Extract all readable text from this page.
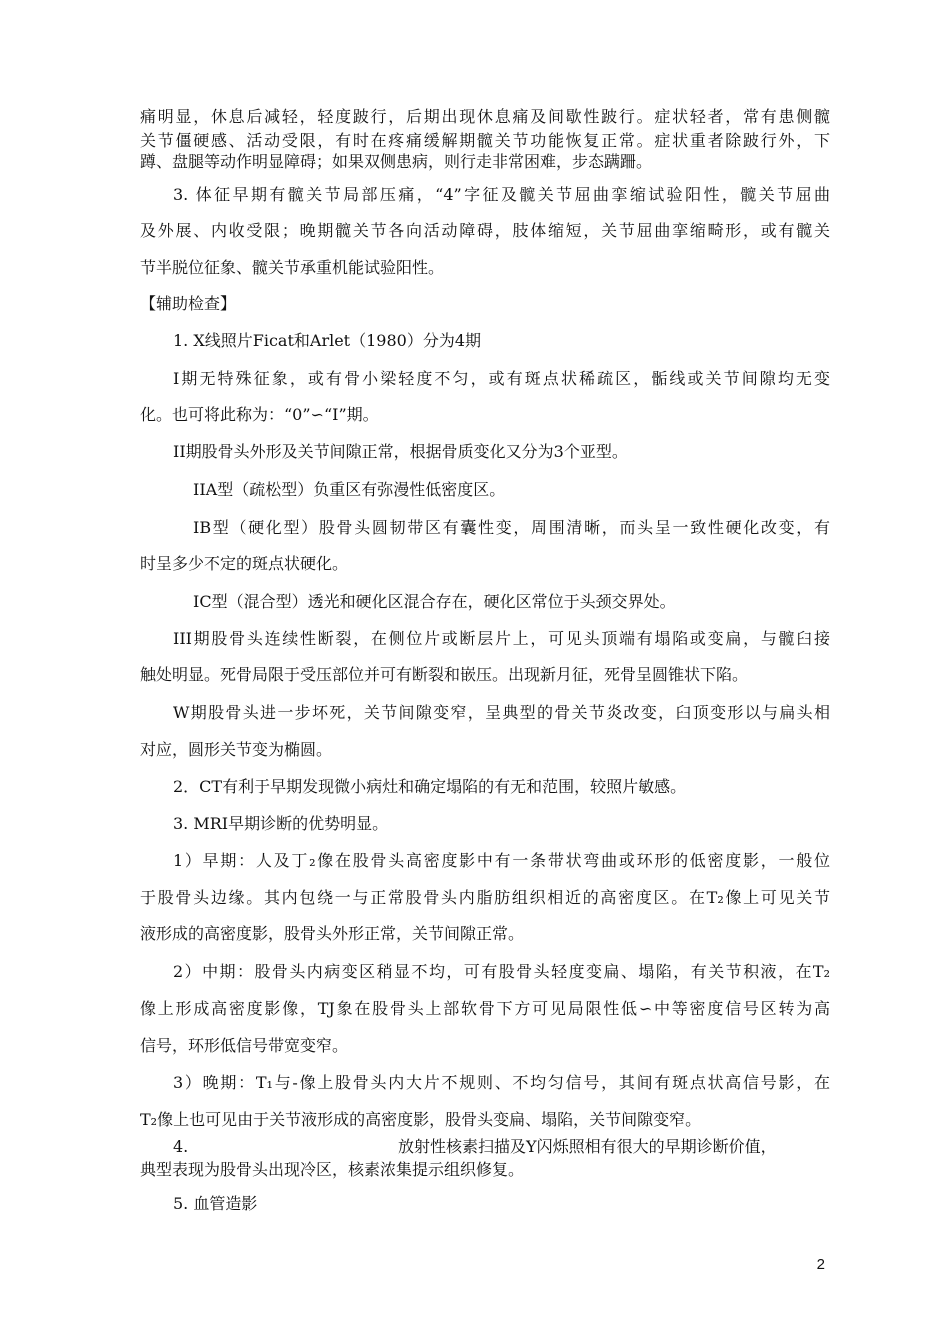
痛明显，休息后减轻，轻度跛行，后期出现休息痛及间歇性跛行。症状轻者，常有患侧髋
关节僵硬感、活动受限，有时在疼痛缓解期髋关节功能恢复正常。症状重者除跛行外，下
蹲、盘腿等动作明显障碍；如果双侧患病，则行走非常困难，步态蹒跚。
3. 体征早期有髋关节局部压痛，“4”字征及髋关节屈曲挛缩试验阳性，髋关节屈曲
及外展、内收受限；晚期髋关节各向活动障碍，肢体缩短，关节屈曲挛缩畸形，或有髋关
节半脱位征象、髋关节承重机能试验阳性。
【辅助检查】
1. X线照片Ficat和Arlet（1980）分为4期
I期无特殊征象，或有骨小梁轻度不匀，或有斑点状稀疏区，骺线或关节间隙均无变
化。也可将此称为：“0”∽“I”期。
II期股骨头外形及关节间隙正常，根据骨质变化又分为3个亚型。
IIA型（疏松型）负重区有弥漫性低密度区。
IB型（硬化型）股骨头圆韧带区有囊性变，周围清晰，而头呈一致性硬化改变，有
时呈多少不定的斑点状硬化。
IC型（混合型）透光和硬化区混合存在，硬化区常位于头颈交界处。
III期股骨头连续性断裂，在侧位片或断层片上，可见头顶端有塌陷或变扁，与髋臼接
触处明显。死骨局限于受压部位并可有断裂和嵌压。出现新月征，死骨呈圆锥状下陷。
W期股骨头进一步坏死，关节间隙变窄，呈典型的骨关节炎改变，臼顶变形以与扁头相
对应，圆形关节变为椭圆。
2．CT有利于早期发现微小病灶和确定塌陷的有无和范围，较照片敏感。
3. MRI早期诊断的优势明显。
1）早期：人及丁₂像在股骨头高密度影中有一条带状弯曲或环形的低密度影，一般位
于股骨头边缘。其内包绕一与正常股骨头内脂肪组织相近的高密度区。在T₂像上可见关节
液形成的高密度影，股骨头外形正常，关节间隙正常。
2）中期：股骨头内病变区稍显不均，可有股骨头轻度变扁、塌陷，有关节积液，在T₂
像上形成高密度影像，TJ象在股骨头上部软骨下方可见局限性低∽中等密度信号区转为高
信号，环形低信号带宽变窄。
3）晚期：T₁与-像上股骨头内大片不规则、不均匀信号，其间有斑点状高信号影，在
T₂像上也可见由于关节液形成的高密度影，股骨头变扁、塌陷，关节间隙变窄。
4.	放射性核素扫描及Y闪烁照相有很大的早期诊断价值，
典型表现为股骨头出现冷区，核素浓集提示组织修复。
5. 血管造影
2
